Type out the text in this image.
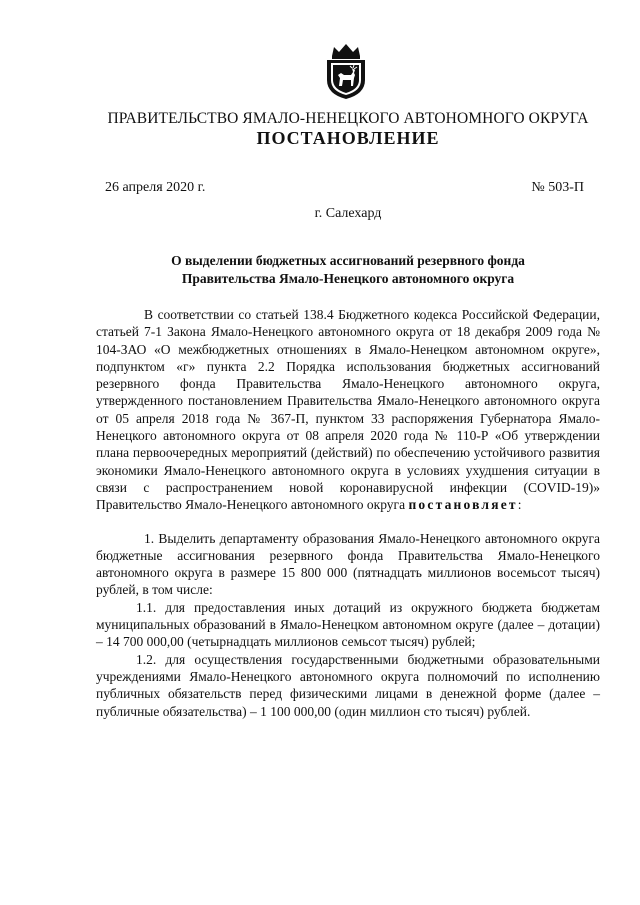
ПРАВИТЕЛЬСТВО ЯМАЛО-НЕНЕЦКОГО АВТОНОМНОГО ОКРУГА
ПОСТАНОВЛЕНИЕ
26 апреля 2020 г.	№ 503-П
г. Салехард
О выделении бюджетных ассигнований резервного фонда
Правительства Ямало-Ненецкого автономного округа

В соответствии со статьей 138.4 Бюджетного кодекса Российской Федерации, статьей 7-1 Закона Ямало-Ненецкого автономного округа от 18 декабря 2009 года № 104-ЗАО «О межбюджетных отношениях в Ямало-Ненецком автономном округе», подпунктом «г» пункта 2.2 Порядка использования бюджетных ассигнований резервного фонда Правительства Ямало-Ненецкого автономного округа, утвержденного постановлением Правительства Ямало-Ненецкого автономного округа от 05 апреля 2018 года № 367-П, пунктом 33 распоряжения Губернатора Ямало-Ненецкого автономного округа от 08 апреля 2020 года № 110-Р «Об утверждении плана первоочередных мероприятий (действий) по обеспечению устойчивого развития экономики Ямало-Ненецкого автономного округа в условиях ухудшения ситуации в связи с распространением новой коронавирусной инфекции (COVID-19)» Правительство Ямало-Ненецкого автономного округа постановляет:

1. Выделить департаменту образования Ямало-Ненецкого автономного округа бюджетные ассигнования резервного фонда Правительства Ямало-Ненецкого автономного округа в размере 15 800 000 (пятнадцать миллионов восемьсот тысяч) рублей, в том числе:

1.1. для предоставления иных дотаций из окружного бюджета бюджетам муниципальных образований в Ямало-Ненецком автономном округе (далее – дотации) – 14 700 000,00 (четырнадцать миллионов семьсот тысяч) рублей;

1.2. для осуществления государственными бюджетными образовательными учреждениями Ямало-Ненецкого автономного округа полномочий по исполнению публичных обязательств перед физическими лицами в денежной форме (далее – публичные обязательства) – 1 100 000,00 (один миллион сто тысяч) рублей.
